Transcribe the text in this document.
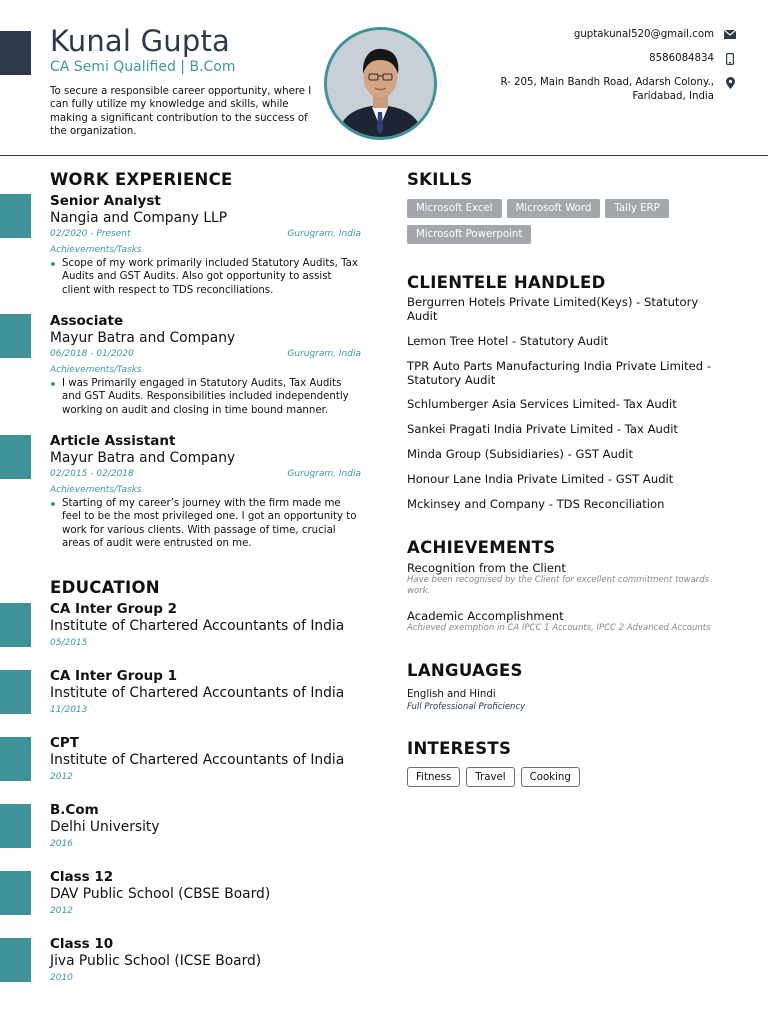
Kunal Gupta
CA Semi Qualified | B.Com
To secure a responsible career opportunity, where I can fully utilize my knowledge and skills, while making a significant contribution to the success of the organization.
guptakunal520@gmail.com
8586084834
R- 205, Main Bandh Road, Adarsh Colony.,
Faridabad, India
WORK EXPERIENCE
Senior Analyst
Nangia and Company LLP
02/2020 - Present	Gurugram, India
Achievements/Tasks
Scope of my work primarily included Statutory Audits, Tax Audits and GST Audits. Also got opportunity to assist client with respect to TDS reconciliations.
Associate
Mayur Batra and Company
06/2018 - 01/2020	Gurugram, India
Achievements/Tasks
I was Primarily engaged in Statutory Audits, Tax Audits and GST Audits. Responsibilities included independently working on audit and closing in time bound manner.
Article Assistant
Mayur Batra and Company
02/2015 - 02/2018	Gurugram, India
Achievements/Tasks
Starting of my career’s journey with the firm made me feel to be the most privileged one. I got an opportunity to work for various clients. With passage of time, crucial areas of audit were entrusted on me.
EDUCATION
CA Inter Group 2
Institute of Chartered Accountants of India
05/2015
CA Inter Group 1
Institute of Chartered Accountants of India
11/2013
CPT
Institute of Chartered Accountants of India
2012
B.Com
Delhi University
2016
Class 12
DAV Public School (CBSE Board)
2012
Class 10
Jiva Public School (ICSE Board)
2010
SKILLS
Microsoft Excel Microsoft Word Tally ERP
Microsoft Powerpoint
CLIENTELE HANDLED
Bergurren Hotels Private Limited(Keys) - Statutory Audit
Lemon Tree Hotel - Statutory Audit
TPR Auto Parts Manufacturing India Private Limited - Statutory Audit
Schlumberger Asia Services Limited- Tax Audit
Sankei Pragati India Private Limited - Tax Audit
Minda Group (Subsidiaries) - GST Audit
Honour Lane India Private Limited - GST Audit
Mckinsey and Company - TDS Reconciliation
ACHIEVEMENTS
Recognition from the Client
Have been recognised by the Client for excellent commitment towards work.
Academic Accomplishment
Achieved exemption in CA IPCC 1 Accounts, IPCC 2 Advanced Accounts
LANGUAGES
English and Hindi
Full Professional Proficiency
INTERESTS
Fitness Travel Cooking
